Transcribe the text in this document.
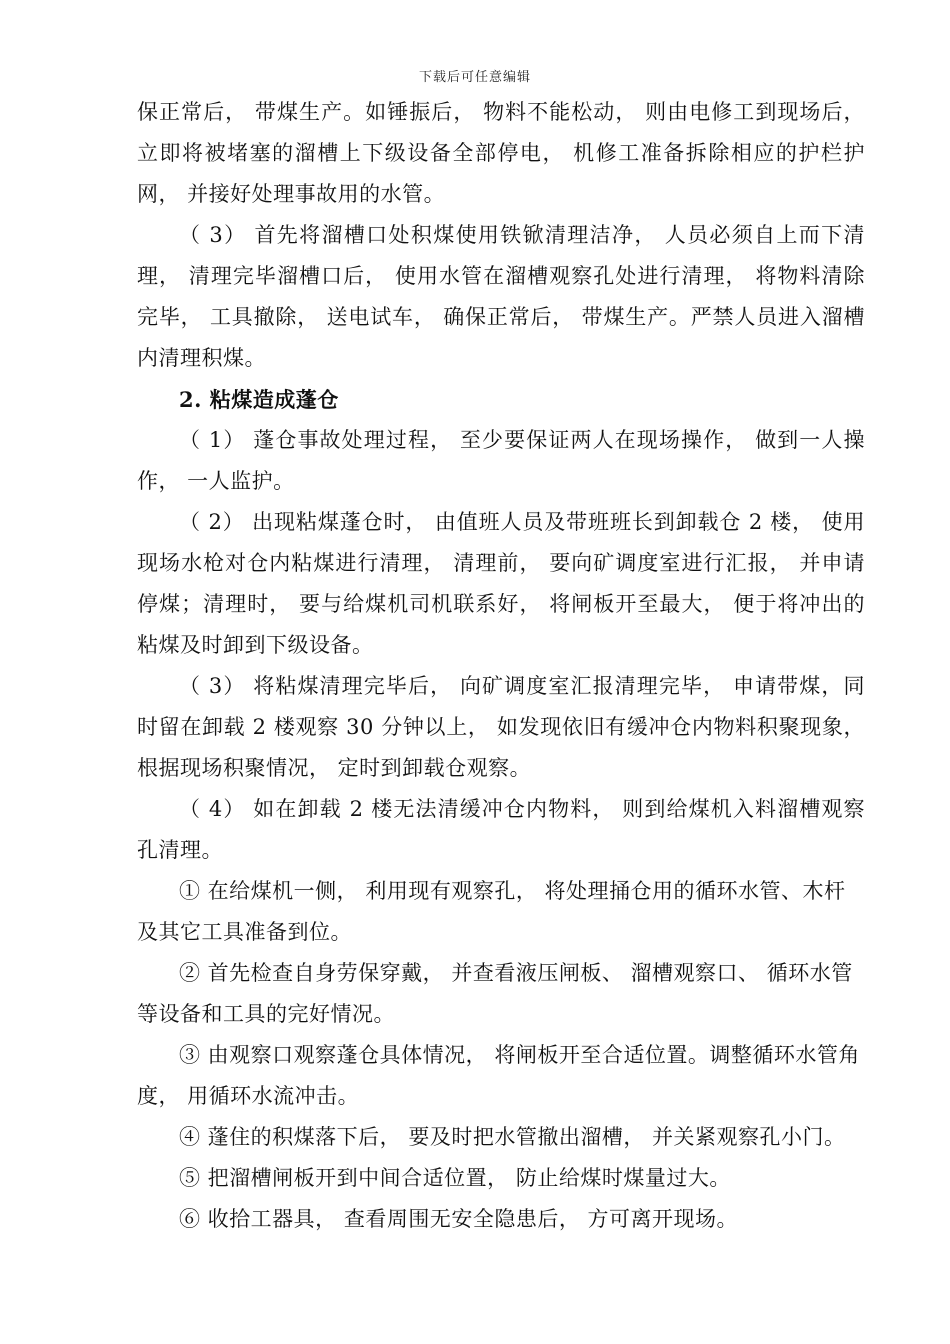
下载后可任意编辑

保正常后， 带煤生产。如锤振后， 物料不能松动， 则由电修工到现场后， 立即将被堵塞的溜槽上下级设备全部停电， 机修工准备拆除相应的护栏护网， 并接好处理事故用的水管。

（ 3） 首先将溜槽口处积煤使用铁锨清理洁净， 人员必须自上而下清理， 清理完毕溜槽口后， 使用水管在溜槽观察孔处进行清理， 将物料清除完毕， 工具撤除， 送电试车， 确保正常后， 带煤生产。严禁人员进入溜槽内清理积煤。

2. 粘煤造成蓬仓

（ 1） 蓬仓事故处理过程， 至少要保证两人在现场操作， 做到一人操作， 一人监护。

（ 2） 出现粘煤蓬仓时， 由值班人员及带班班长到卸载仓 2 楼， 使用现场水枪对仓内粘煤进行清理， 清理前， 要向矿调度室进行汇报， 并申请停煤；清理时， 要与给煤机司机联系好， 将闸板开至最大， 便于将冲出的粘煤及时卸到下级设备。

（ 3） 将粘煤清理完毕后， 向矿调度室汇报清理完毕， 申请带煤，同时留在卸载 2 楼观察 30 分钟以上， 如发现依旧有缓冲仓内物料积聚现象， 根据现场积聚情况， 定时到卸载仓观察。

（ 4） 如在卸载 2 楼无法清缓冲仓内物料， 则到给煤机入料溜槽观察孔清理。

① 在给煤机一侧， 利用现有观察孔， 将处理捅仓用的循环水管、木杆及其它工具准备到位。

② 首先检查自身劳保穿戴， 并查看液压闸板、 溜槽观察口、 循环水管等设备和工具的完好情况。

③ 由观察口观察蓬仓具体情况， 将闸板开至合适位置。调整循环水管角度， 用循环水流冲击。

④ 蓬住的积煤落下后， 要及时把水管撤出溜槽， 并关紧观察孔小门。

⑤ 把溜槽闸板开到中间合适位置， 防止给煤时煤量过大。

⑥ 收拾工器具， 查看周围无安全隐患后， 方可离开现场。
